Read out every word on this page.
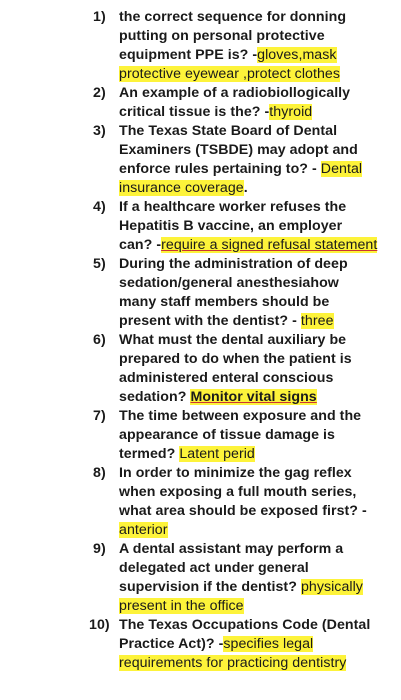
1) the correct sequence for donning putting on personal protective equipment PPE is? -gloves,mask protective eyewear ,protect clothes

2) An example of a radiobiollogically critical tissue is the? -thyroid

3) The Texas State Board of Dental Examiners (TSBDE) may adopt and enforce rules pertaining to? - Dental insurance coverage.

4) If a healthcare worker refuses the Hepatitis B vaccine, an employer can? -require a signed refusal statement

5) During the administration of deep sedation/general anesthesiahow many staff members should be present with the dentist? - three

6) What must the dental auxiliary be prepared to do when the patient is administered enteral conscious sedation? Monitor vital signs

7) The time between exposure and the appearance of tissue damage is termed? Latent perid

8) In order to minimize the gag reflex when exposing a full mouth series, what area should be exposed first? -anterior

9) A dental assistant may perform a delegated act under general supervision if the dentist? physically present in the office

10) The Texas Occupations Code (Dental Practice Act)? -specifies legal requirements for practicing dentistry
